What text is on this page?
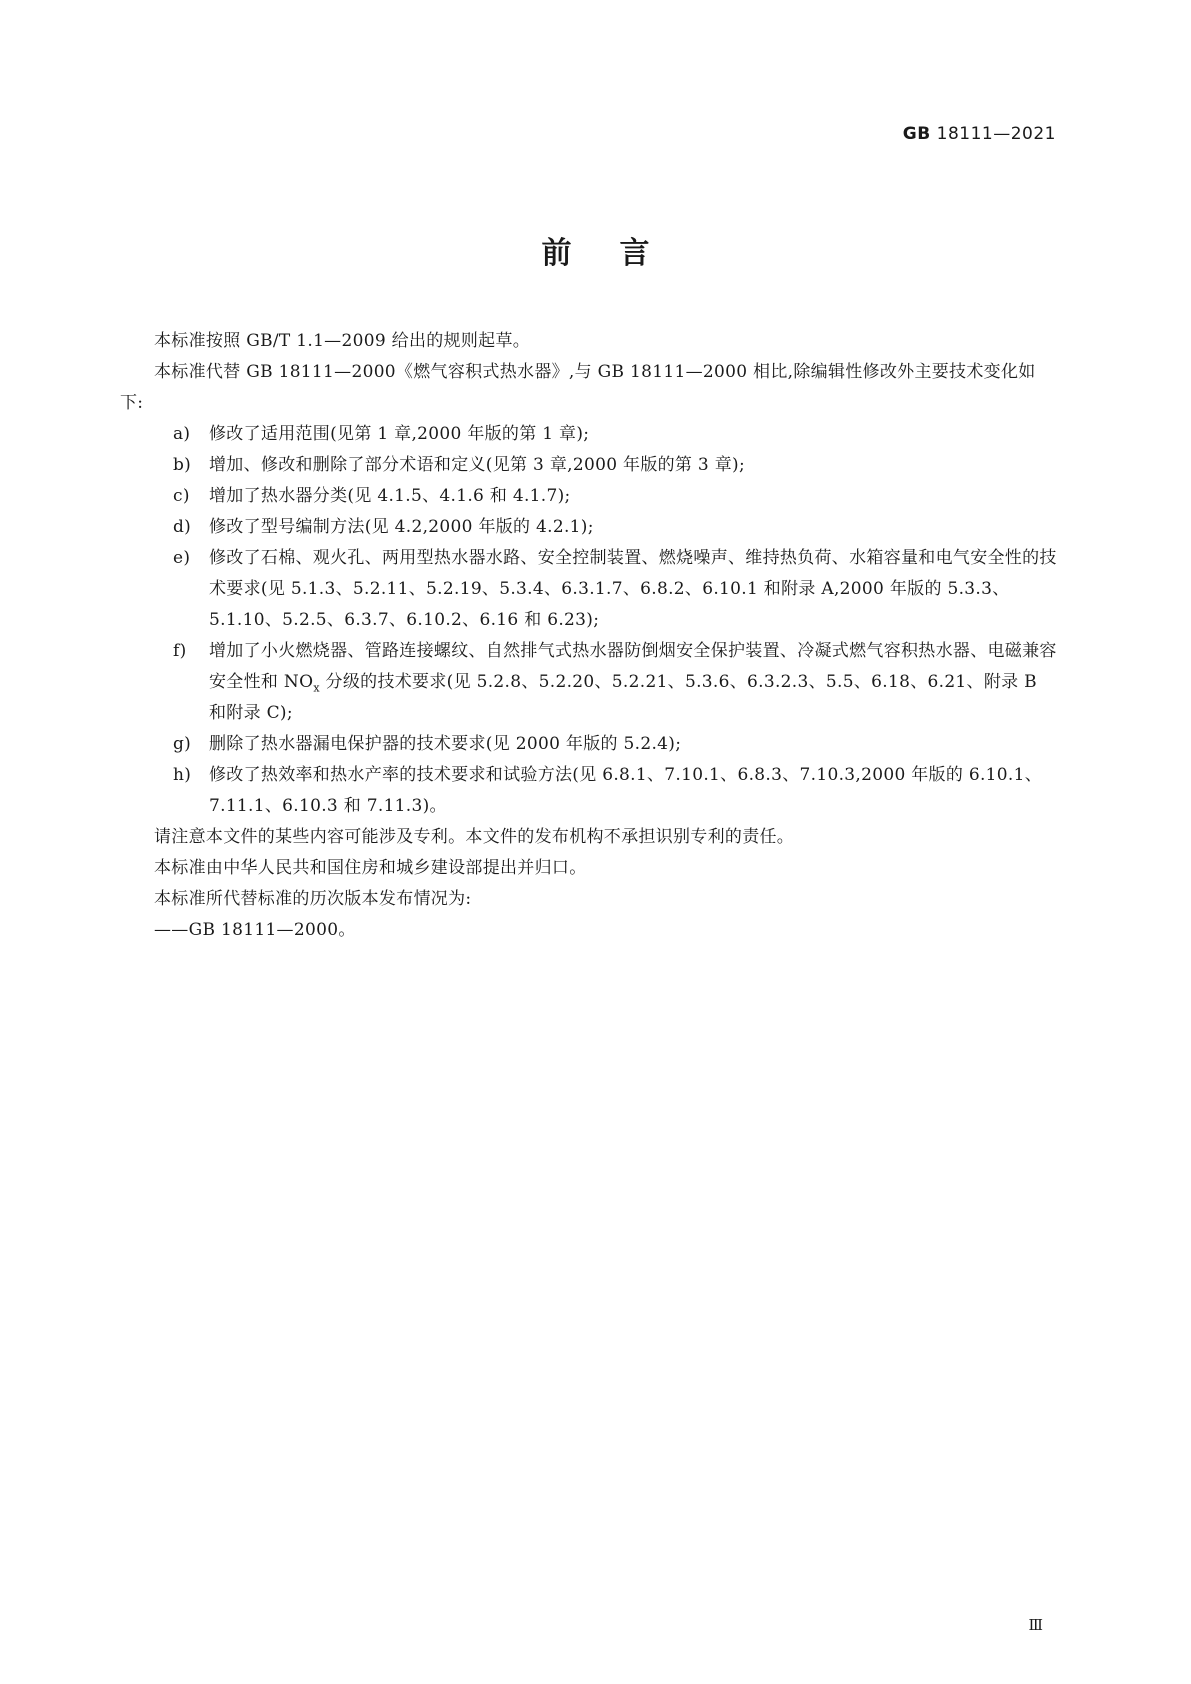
GB 18111—2021
前言

本标准按照 GB/T 1.1—2009 给出的规则起草。

本标准代替 GB 18111—2000《燃气容积式热水器》,与 GB 18111—2000 相比,除编辑性修改外主要技术变化如下:

a) 修改了适用范围(见第 1 章,2000 年版的第 1 章);
b) 增加、修改和删除了部分术语和定义(见第 3 章,2000 年版的第 3 章);
c) 增加了热水器分类(见 4.1.5、4.1.6 和 4.1.7);
d) 修改了型号编制方法(见 4.2,2000 年版的 4.2.1);
e) 修改了石棉、观火孔、两用型热水器水路、安全控制装置、燃烧噪声、维持热负荷、水箱容量和电气安全性的技术要求(见 5.1.3、5.2.11、5.2.19、5.3.4、6.3.1.7、6.8.2、6.10.1 和附录 A,2000 年版的 5.3.3、5.1.10、5.2.5、6.3.7、6.10.2、6.16 和 6.23);
f) 增加了小火燃烧器、管路连接螺纹、自然排气式热水器防倒烟安全保护装置、冷凝式燃气容积热水器、电磁兼容安全性和 $NO_x$ 分级的技术要求(见 5.2.8、5.2.20、5.2.21、5.3.6、6.3.2.3、5.5、6.18、6.21、附录 B 和附录 C);
g) 删除了热水器漏电保护器的技术要求(见 2000 年版的 5.2.4);
h) 修改了热效率和热水产率的技术要求和试验方法(见 6.8.1、7.10.1、6.8.3、7.10.3,2000 年版的 6.10.1、7.11.1、6.10.3 和 7.11.3)。

请注意本文件的某些内容可能涉及专利。本文件的发布机构不承担识别专利的责任。

本标准由中华人民共和国住房和城乡建设部提出并归口。

本标准所代替标准的历次版本发布情况为:

——GB 18111—2000。

Ⅲ
